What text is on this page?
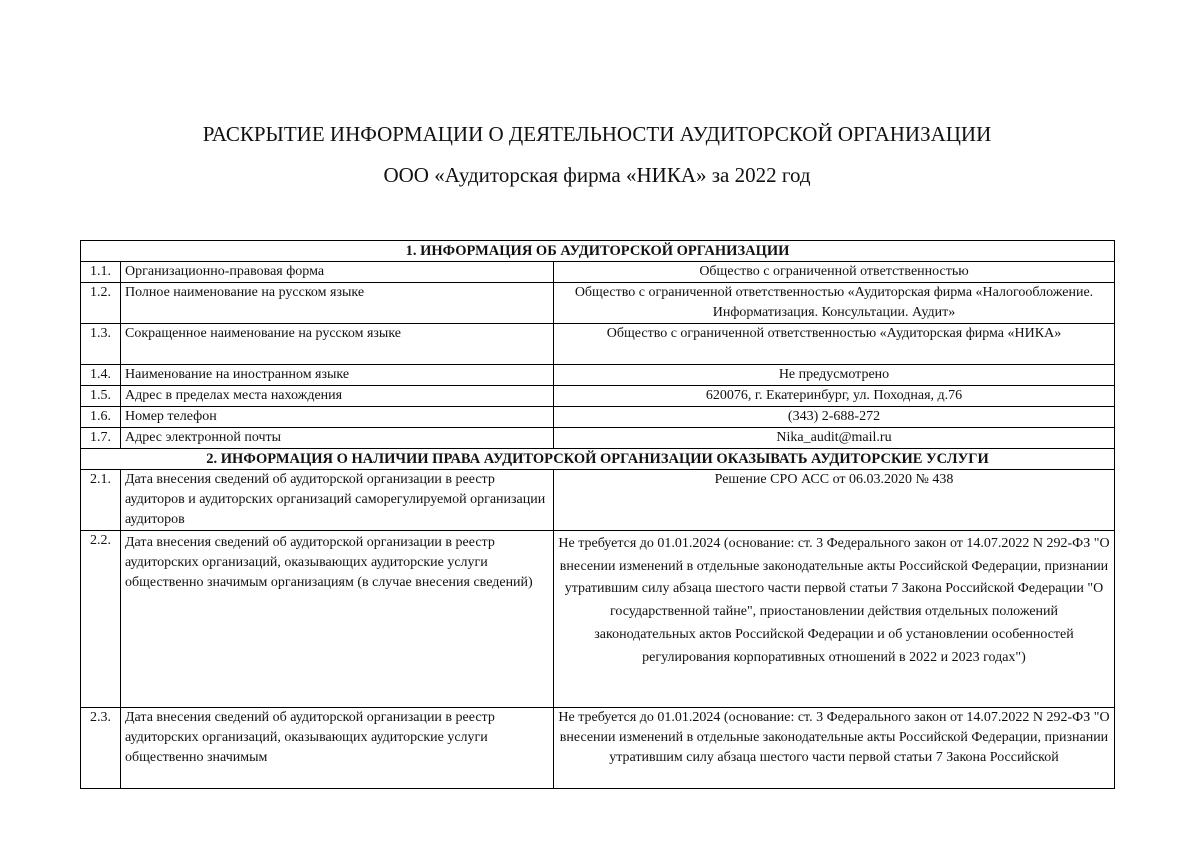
РАСКРЫТИЕ ИНФОРМАЦИИ О ДЕЯТЕЛЬНОСТИ АУДИТОРСКОЙ ОРГАНИЗАЦИИ
ООО «Аудиторская фирма «НИКА» за 2022 год
1. ИНФОРМАЦИЯ ОБ АУДИТОРСКОЙ ОРГАНИЗАЦИИ		
1.1.	Организационно-правовая форма	Общество с ограниченной ответственностью
1.2.	Полное наименование на русском языке	Общество с ограниченной ответственностью «Аудиторская фирма «Налогообложение. Информатизация. Консультации. Аудит»
1.3.	Сокращенное наименование на русском языке	Общество с ограниченной ответственностью «Аудиторская фирма «НИКА»
1.4.	Наименование на иностранном языке	Не предусмотрено
1.5.	Адрес в пределах места нахождения	620076, г. Екатеринбург, ул. Походная, д.76
1.6.	Номер телефон	(343) 2-688-272
1.7.	Адрес электронной почты	Nika_audit@mail.ru
2. ИНФОРМАЦИЯ О НАЛИЧИИ ПРАВА АУДИТОРСКОЙ ОРГАНИЗАЦИИ ОКАЗЫВАТЬ АУДИТОРСКИЕ УСЛУГИ		
2.1.	Дата внесения сведений об аудиторской организации в реестр аудиторов и аудиторских организаций саморегулируемой организации аудиторов	Решение СРО АСС от 06.03.2020 № 438
2.2.	Дата внесения сведений об аудиторской организации в реестр аудиторских организаций, оказывающих аудиторские услуги общественно значимым организациям (в случае внесения сведений)	Не требуется до 01.01.2024 (основание: ст. 3 Федерального закон от 14.07.2022 N 292-ФЗ "О внесении изменений в отдельные законодательные акты Российской Федерации, признании утратившим силу абзаца шестого части первой статьи 7 Закона Российской Федерации "О государственной тайне", приостановлении действия отдельных положений законодательных актов Российской Федерации и об установлении особенностей регулирования корпоративных отношений в 2022 и 2023 годах")
2.3.	Дата внесения сведений об аудиторской организации в реестр аудиторских организаций, оказывающих аудиторские услуги общественно значимым	Не требуется до 01.01.2024 (основание: ст. 3 Федерального закон от 14.07.2022 N 292-ФЗ "О внесении изменений в отдельные законодательные акты Российской Федерации, признании утратившим силу абзаца шестого части первой статьи 7 Закона Российской
